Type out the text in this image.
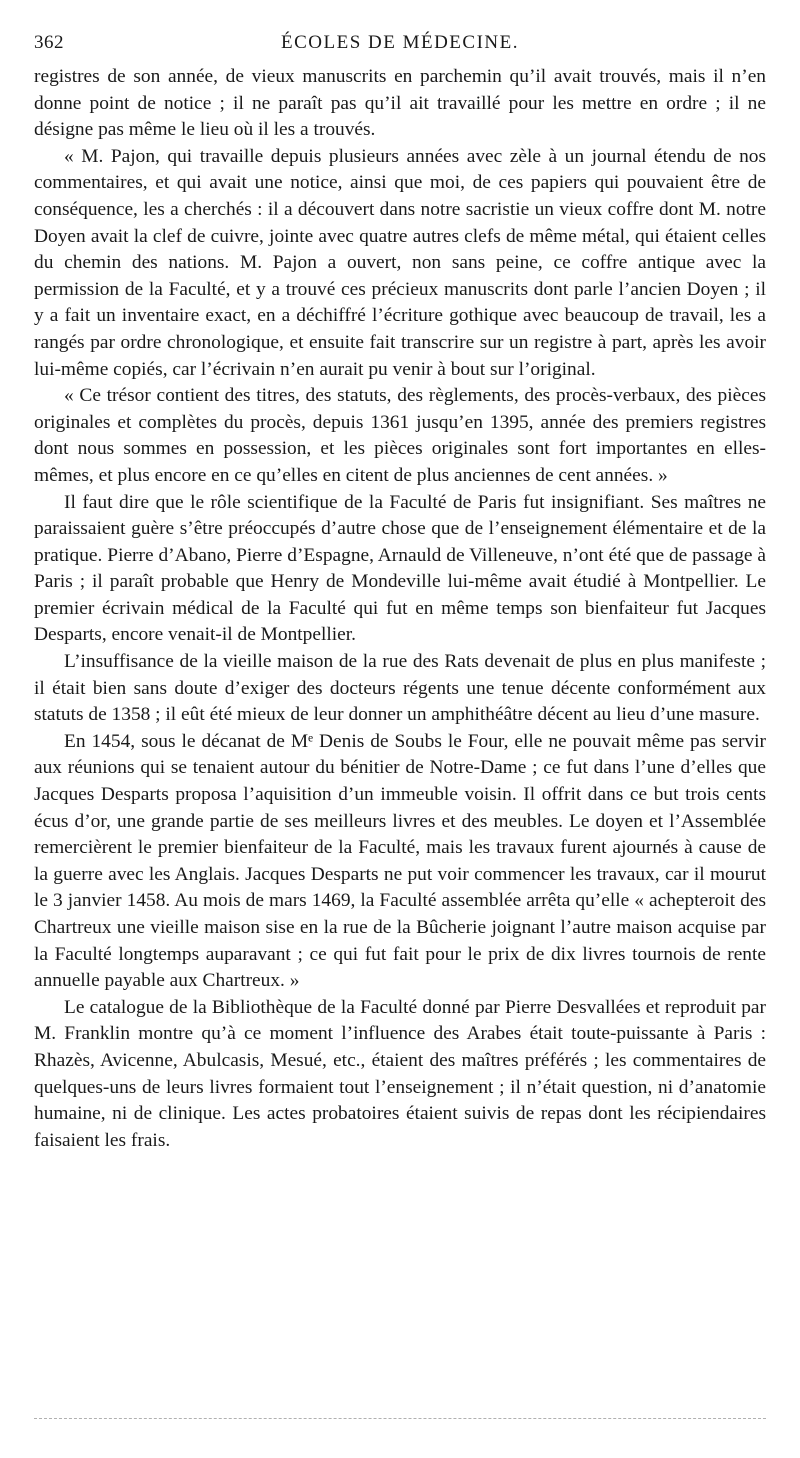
362	ÉCOLES DE MÉDECINE.

registres de son année, de vieux manuscrits en parchemin qu’il avait trouvés, mais il n’en donne point de notice ; il ne paraît pas qu’il ait travaillé pour les mettre en ordre ; il ne désigne pas même le lieu où il les a trouvés.

« M. Pajon, qui travaille depuis plusieurs années avec zèle à un journal étendu de nos commentaires, et qui avait une notice, ainsi que moi, de ces papiers qui pouvaient être de conséquence, les a cherchés : il a découvert dans notre sacristie un vieux coffre dont M. notre Doyen avait la clef de cuivre, jointe avec quatre autres clefs de même métal, qui étaient celles du chemin des nations. M. Pajon a ouvert, non sans peine, ce coffre antique avec la permission de la Faculté, et y a trouvé ces précieux manuscrits dont parle l’ancien Doyen ; il y a fait un inventaire exact, en a déchiffré l’écriture gothique avec beaucoup de travail, les a rangés par ordre chronologique, et ensuite fait transcrire sur un registre à part, après les avoir lui-même copiés, car l’écrivain n’en aurait pu venir à bout sur l’original.

« Ce trésor contient des titres, des statuts, des règlements, des procès-verbaux, des pièces originales et complètes du procès, depuis 1361 jusqu’en 1395, année des premiers registres dont nous sommes en possession, et les pièces originales sont fort importantes en elles-mêmes, et plus encore en ce qu’elles en citent de plus anciennes de cent années. »

Il faut dire que le rôle scientifique de la Faculté de Paris fut insignifiant. Ses maîtres ne paraissaient guère s’être préoccupés d’autre chose que de l’enseignement élémentaire et de la pratique. Pierre d’Abano, Pierre d’Espagne, Arnauld de Villeneuve, n’ont été que de passage à Paris ; il paraît probable que Henry de Mondeville lui-même avait étudié à Montpellier. Le premier écrivain médical de la Faculté qui fut en même temps son bienfaiteur fut Jacques Desparts, encore venait-il de Montpellier.

L’insuffisance de la vieille maison de la rue des Rats devenait de plus en plus manifeste ; il était bien sans doute d’exiger des docteurs régents une tenue décente conformément aux statuts de 1358 ; il eût été mieux de leur donner un amphithéâtre décent au lieu d’une masure.

En 1454, sous le décanat de Mᵉ Denis de Soubs le Four, elle ne pouvait même pas servir aux réunions qui se tenaient autour du bénitier de Notre-Dame ; ce fut dans l’une d’elles que Jacques Desparts proposa l’aquisition d’un immeuble voisin. Il offrit dans ce but trois cents écus d’or, une grande partie de ses meilleurs livres et des meubles. Le doyen et l’Assemblée remercièrent le premier bienfaiteur de la Faculté, mais les travaux furent ajournés à cause de la guerre avec les Anglais. Jacques Desparts ne put voir commencer les travaux, car il mourut le 3 janvier 1458. Au mois de mars 1469, la Faculté assemblée arrêta qu’elle « achepteroit des Chartreux une vieille maison sise en la rue de la Bûcherie joignant l’autre maison acquise par la Faculté longtemps auparavant ; ce qui fut fait pour le prix de dix livres tournois de rente annuelle payable aux Chartreux. »

Le catalogue de la Bibliothèque de la Faculté donné par Pierre Desvallées et reproduit par M. Franklin montre qu’à ce moment l’influence des Arabes était toute-puissante à Paris : Rhazès, Avicenne, Abulcasis, Mesué, etc., étaient des maîtres préférés ; les commentaires de quelques-uns de leurs livres formaient tout l’enseignement ; il n’était question, ni d’anatomie humaine, ni de clinique. Les actes probatoires étaient suivis de repas dont les récipiendaires faisaient les frais.
